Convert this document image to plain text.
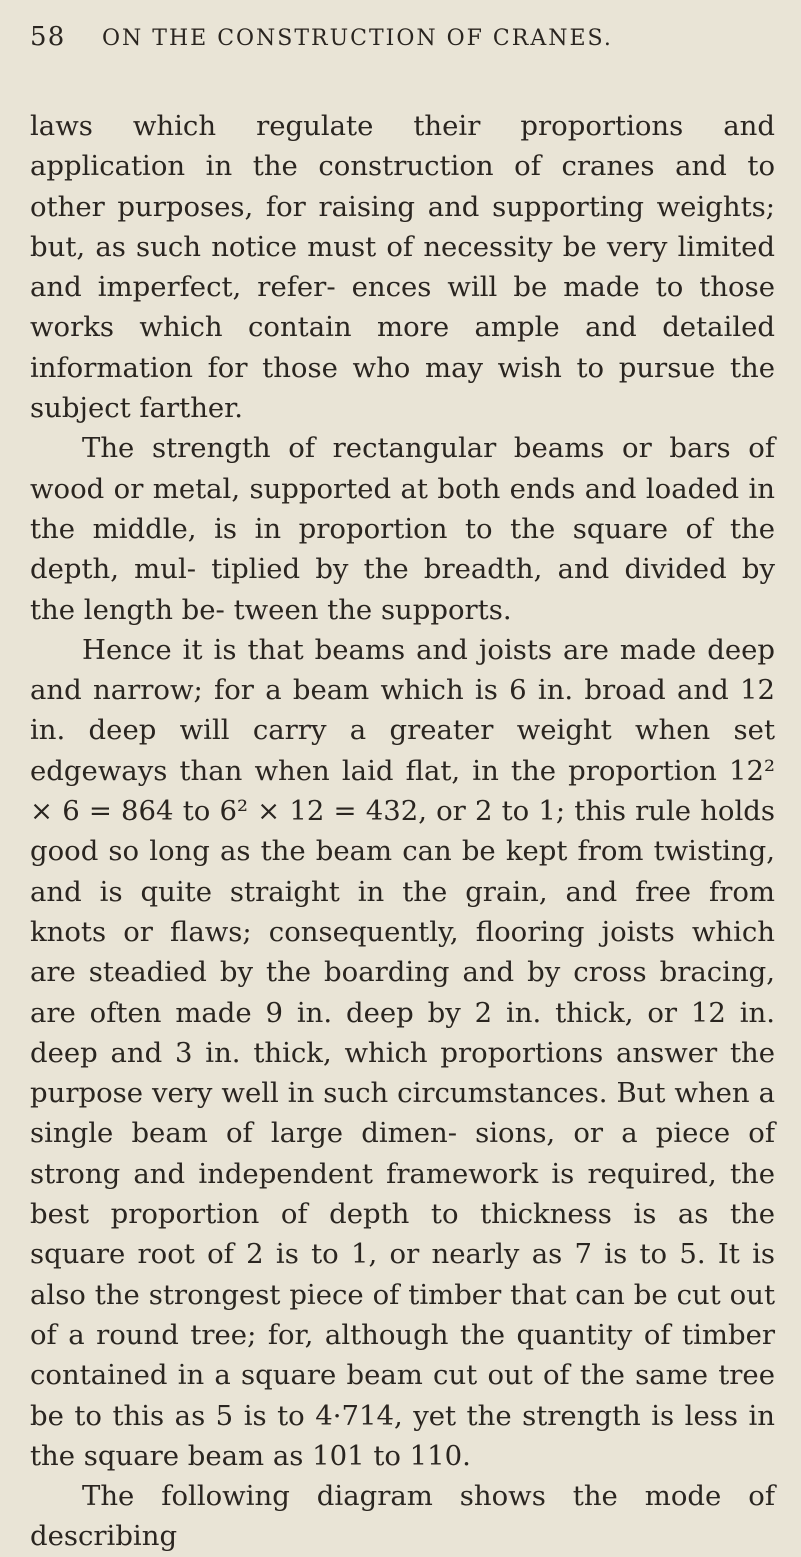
58	ON THE CONSTRUCTION OF CRANES.

laws which regulate their proportions and application in the construction of cranes and to other purposes, for raising and supporting weights; but, as such notice must of necessity be very limited and imperfect, refer- ences will be made to those works which contain more ample and detailed information for those who may wish to pursue the subject farther.

The strength of rectangular beams or bars of wood or metal, supported at both ends and loaded in the middle, is in proportion to the square of the depth, mul- tiplied by the breadth, and divided by the length be- tween the supports.

Hence it is that beams and joists are made deep and narrow; for a beam which is 6 in. broad and 12 in. deep will carry a greater weight when set edgeways than when laid flat, in the proportion 12² × 6 = 864 to 6² × 12 = 432, or 2 to 1; this rule holds good so long as the beam can be kept from twisting, and is quite straight in the grain, and free from knots or flaws; consequently, flooring joists which are steadied by the boarding and by cross bracing, are often made 9 in. deep by 2 in. thick, or 12 in. deep and 3 in. thick, which proportions answer the purpose very well in such circumstances. But when a single beam of large dimen- sions, or a piece of strong and independent framework is required, the best proportion of depth to thickness is as the square root of 2 is to 1, or nearly as 7 is to 5. It is also the strongest piece of timber that can be cut out of a round tree; for, although the quantity of timber contained in a square beam cut out of the same tree be to this as 5 is to 4·714, yet the strength is less in the square beam as 101 to 110.

The following diagram shows the mode of describing
